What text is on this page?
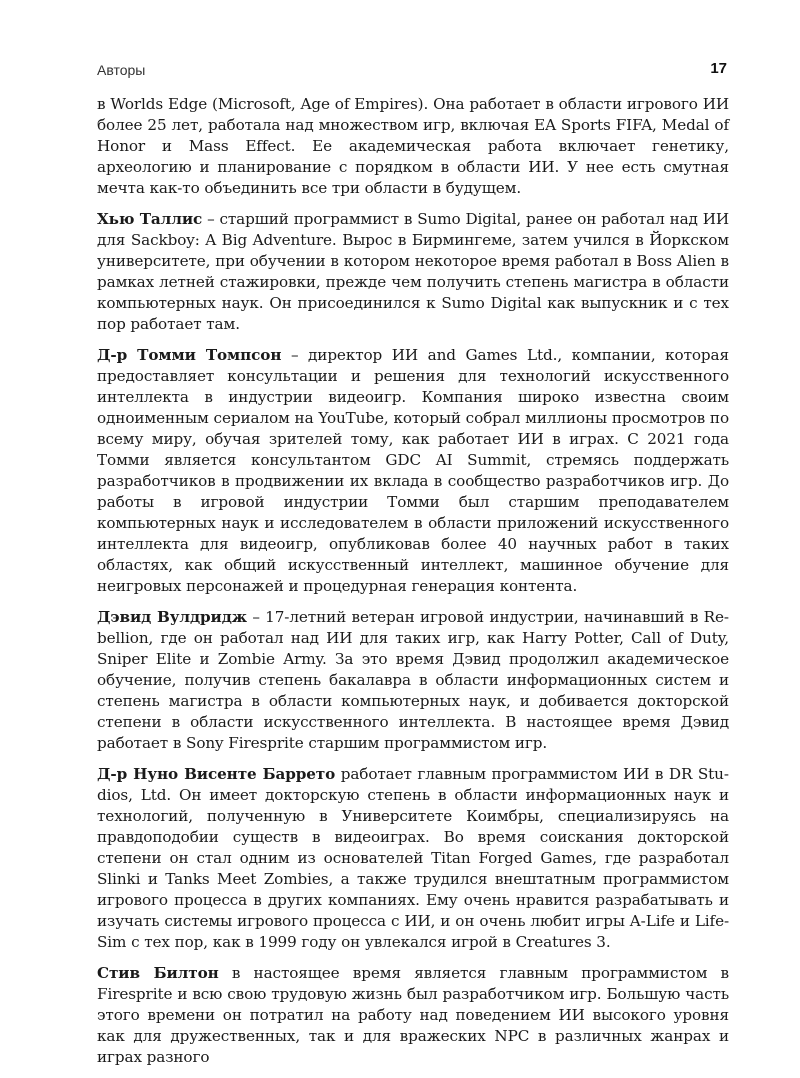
Авторы	17

в Worlds Edge (Microsoft, Age of Empires). Она работает в области игрового ИИ более 25 лет, работала над множеством игр, включая EA Sports FIFA, Medal of Honor и Mass Effect. Ее академическая работа включает генетику, археологию и планирование с порядком в области ИИ. У нее есть смутная мечта как-то объединить все три области в будущем.

Хью Таллис – старший программист в Sumo Digital, ранее он работал над ИИ для Sackboy: A Big Adventure. Вырос в Бирмингеме, затем учился в Йоркском университете, при обучении в котором некоторое время работал в Boss Alien в рамках летней стажировки, прежде чем получить степень магистра в области компьютерных наук. Он присоединился к Sumo Digital как выпускник и с тех пор работает там.

Д-р Томми Томпсон – директор ИИ and Games Ltd., компании, которая предоставляет консультации и решения для технологий искусственного интеллекта в индустрии видеоигр. Компания широко известна своим одноименным сериалом на YouTube, который собрал миллионы просмотров по всему миру, обучая зрителей тому, как работает ИИ в играх. С 2021 года Томми является консультантом GDC AI Summit, стремясь поддержать разработчиков в продвижении их вклада в сообщество разработчиков игр. До работы в игровой индустрии Томми был старшим преподавателем компьютерных наук и исследователем в области приложений искусственного интеллекта для видеоигр, опубликовав более 40 научных работ в таких областях, как общий искусственный интеллект, машинное обучение для неигровых персонажей и процедурная генерация контента.

Дэвид Вулдридж – 17-летний ветеран игровой индустрии, начинавший в Rebellion, где он работал над ИИ для таких игр, как Harry Potter, Call of Duty, Sniper Elite и Zombie Army. За это время Дэвид продолжил академическое обучение, получив степень бакалавра в области информационных систем и степень магистра в области компьютерных наук, и добивается докторской степени в области искусственного интеллекта. В настоящее время Дэвид работает в Sony Firesprite старшим программистом игр.

Д-р Нуно Висенте Баррето работает главным программистом ИИ в DR Studios, Ltd. Он имеет докторскую степень в области информационных наук и технологий, полученную в Университете Коимбры, специализируясь на правдоподобии существ в видеоиграх. Во время соискания докторской степени он стал одним из основателей Titan Forged Games, где разработал Slinki и Tanks Meet Zombies, а также трудился внештатным программистом игрового процесса в других компаниях. Ему очень нравится разрабатывать и изучать системы игрового процесса с ИИ, и он очень любит игры A-Life и Life-Sim с тех пор, как в 1999 году он увлекался игрой в Creatures 3.

Стив Билтон в настоящее время является главным программистом в Firesprite и всю свою трудовую жизнь был разработчиком игр. Большую часть этого времени он потратил на работу над поведением ИИ высокого уровня как для дружественных, так и для вражеских NPC в различных жанрах и играх разного
